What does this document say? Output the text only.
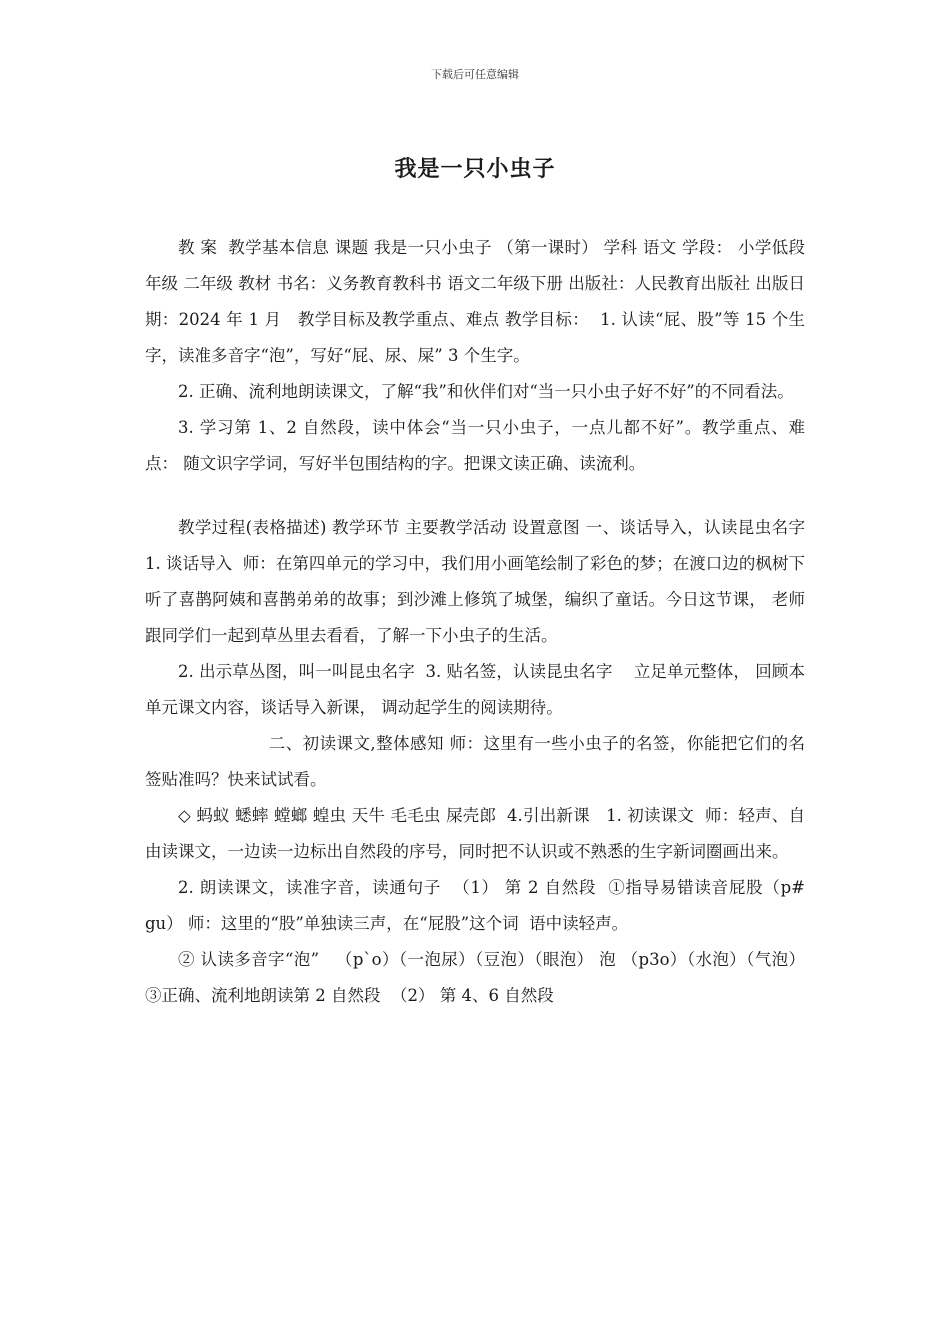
下载后可任意编辑
我是一只小虫子

教 案  教学基本信息 课题 我是一只小虫子 （第一课时） 学科 语文 学段： 小学低段 年级 二年级 教材 书名：义务教育教科书 语文二年级下册 出版社：人民教育出版社 出版日期：2024 年 1 月   教学目标及教学重点、难点 教学目标：  1. 认读“屁、股”等 15 个生字，读准多音字“泡”，写好“屁、尿、屎” 3 个生字。

2. 正确、流利地朗读课文，了解“我”和伙伴们对“当一只小虫子好不好”的不同看法。

3. 学习第 1、2 自然段，读中体会“当一只小虫子，一点儿都不好”。教学重点、难点： 随文识字学词，写好半包围结构的字。把课文读正确、读流利。

教学过程(表格描述) 教学环节 主要教学活动 设置意图 一、谈话导入，认读昆虫名字 1. 谈话导入  师：在第四单元的学习中，我们用小画笔绘制了彩色的梦；在渡口边的枫树下听了喜鹊阿姨和喜鹊弟弟的故事；到沙滩上修筑了城堡，编织了童话。今日这节课， 老师跟同学们一起到草丛里去看看，了解一下小虫子的生活。

2. 出示草丛图，叫一叫昆虫名字  3. 贴名签，认读昆虫名字    立足单元整体， 回顾本单元课文内容，谈话导入新课， 调动起学生的阅读期待。

二、初读课文,整体感知 师：这里有一些小虫子的名签，你能把它们的名签贴准吗？快来试试看。

◇ 蚂蚁 蟋蟀 螳螂 蝗虫 天牛 毛毛虫 屎壳郎  4.引出新课   1. 初读课文  师：轻声、自由读课文，一边读一边标出自然段的序号，同时把不认识或不熟悉的生字新词圈画出来。

2. 朗读课文，读准字音，读通句子  （1） 第 2 自然段  ①指导易错读音屁股（p# gu） 师：这里的“股”单独读三声，在“屁股”这个词  语中读轻声。

② 认读多音字“泡”   （p`o）（一泡尿）（豆泡）（眼泡） 泡 （p3o）（水泡）（气泡） ③正确、流利地朗读第 2 自然段  （2） 第 4、6 自然段
